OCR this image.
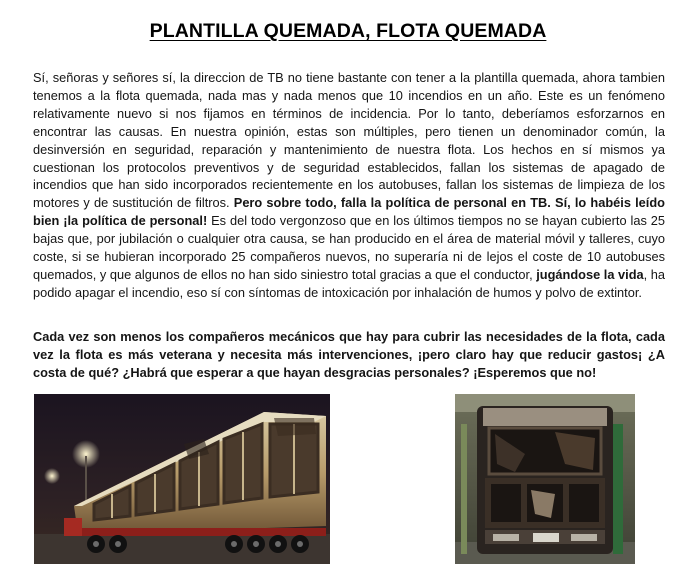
PLANTILLA QUEMADA, FLOTA QUEMADA

Sí, señoras y señores sí, la direccion de TB no tiene bastante con tener a la plantilla quemada, ahora tambien tenemos a la flota quemada, nada mas y nada menos que 10 incendios en un año. Este es un fenómeno relativamente nuevo si nos fijamos en términos de incidencia. Por lo tanto, deberíamos esforzarnos en encontrar las causas. En nuestra opinión, estas son múltiples, pero tienen un denominador común, la desinversión en seguridad, reparación y mantenimiento de nuestra flota. Los hechos en sí mismos ya cuestionan los protocolos preventivos y de seguridad establecidos, fallan los sistemas de apagado de incendios que han sido incorporados recientemente en los autobuses, fallan los sistemas de limpieza de los motores y de sustitución de filtros. Pero sobre todo, falla la política de personal en TB. Sí, lo habéis leído bien ¡la política de personal! Es del todo vergonzoso que en los últimos tiempos no se hayan cubierto las 25 bajas que, por jubilación o cualquier otra causa, se han producido en el área de material móvil y talleres, cuyo coste, si se hubieran incorporado 25 compañeros nuevos, no superaría ni de lejos el coste de 10 autobuses quemados, y que algunos de ellos no han sido siniestro total gracias a que el conductor, jugándose la vida, ha podido apagar el incendio, eso sí con síntomas de intoxicación por inhalación de humos y polvo de extintor.

Cada vez son menos los compañeros mecánicos que hay para cubrir las necesidades de la flota, cada vez la flota es más veterana y necesita más intervenciones, ¡pero claro hay que reducir gastos¡ ¿A costa de qué? ¿Habrá que esperar a que hayan desgracias personales? ¡Esperemos que no!
